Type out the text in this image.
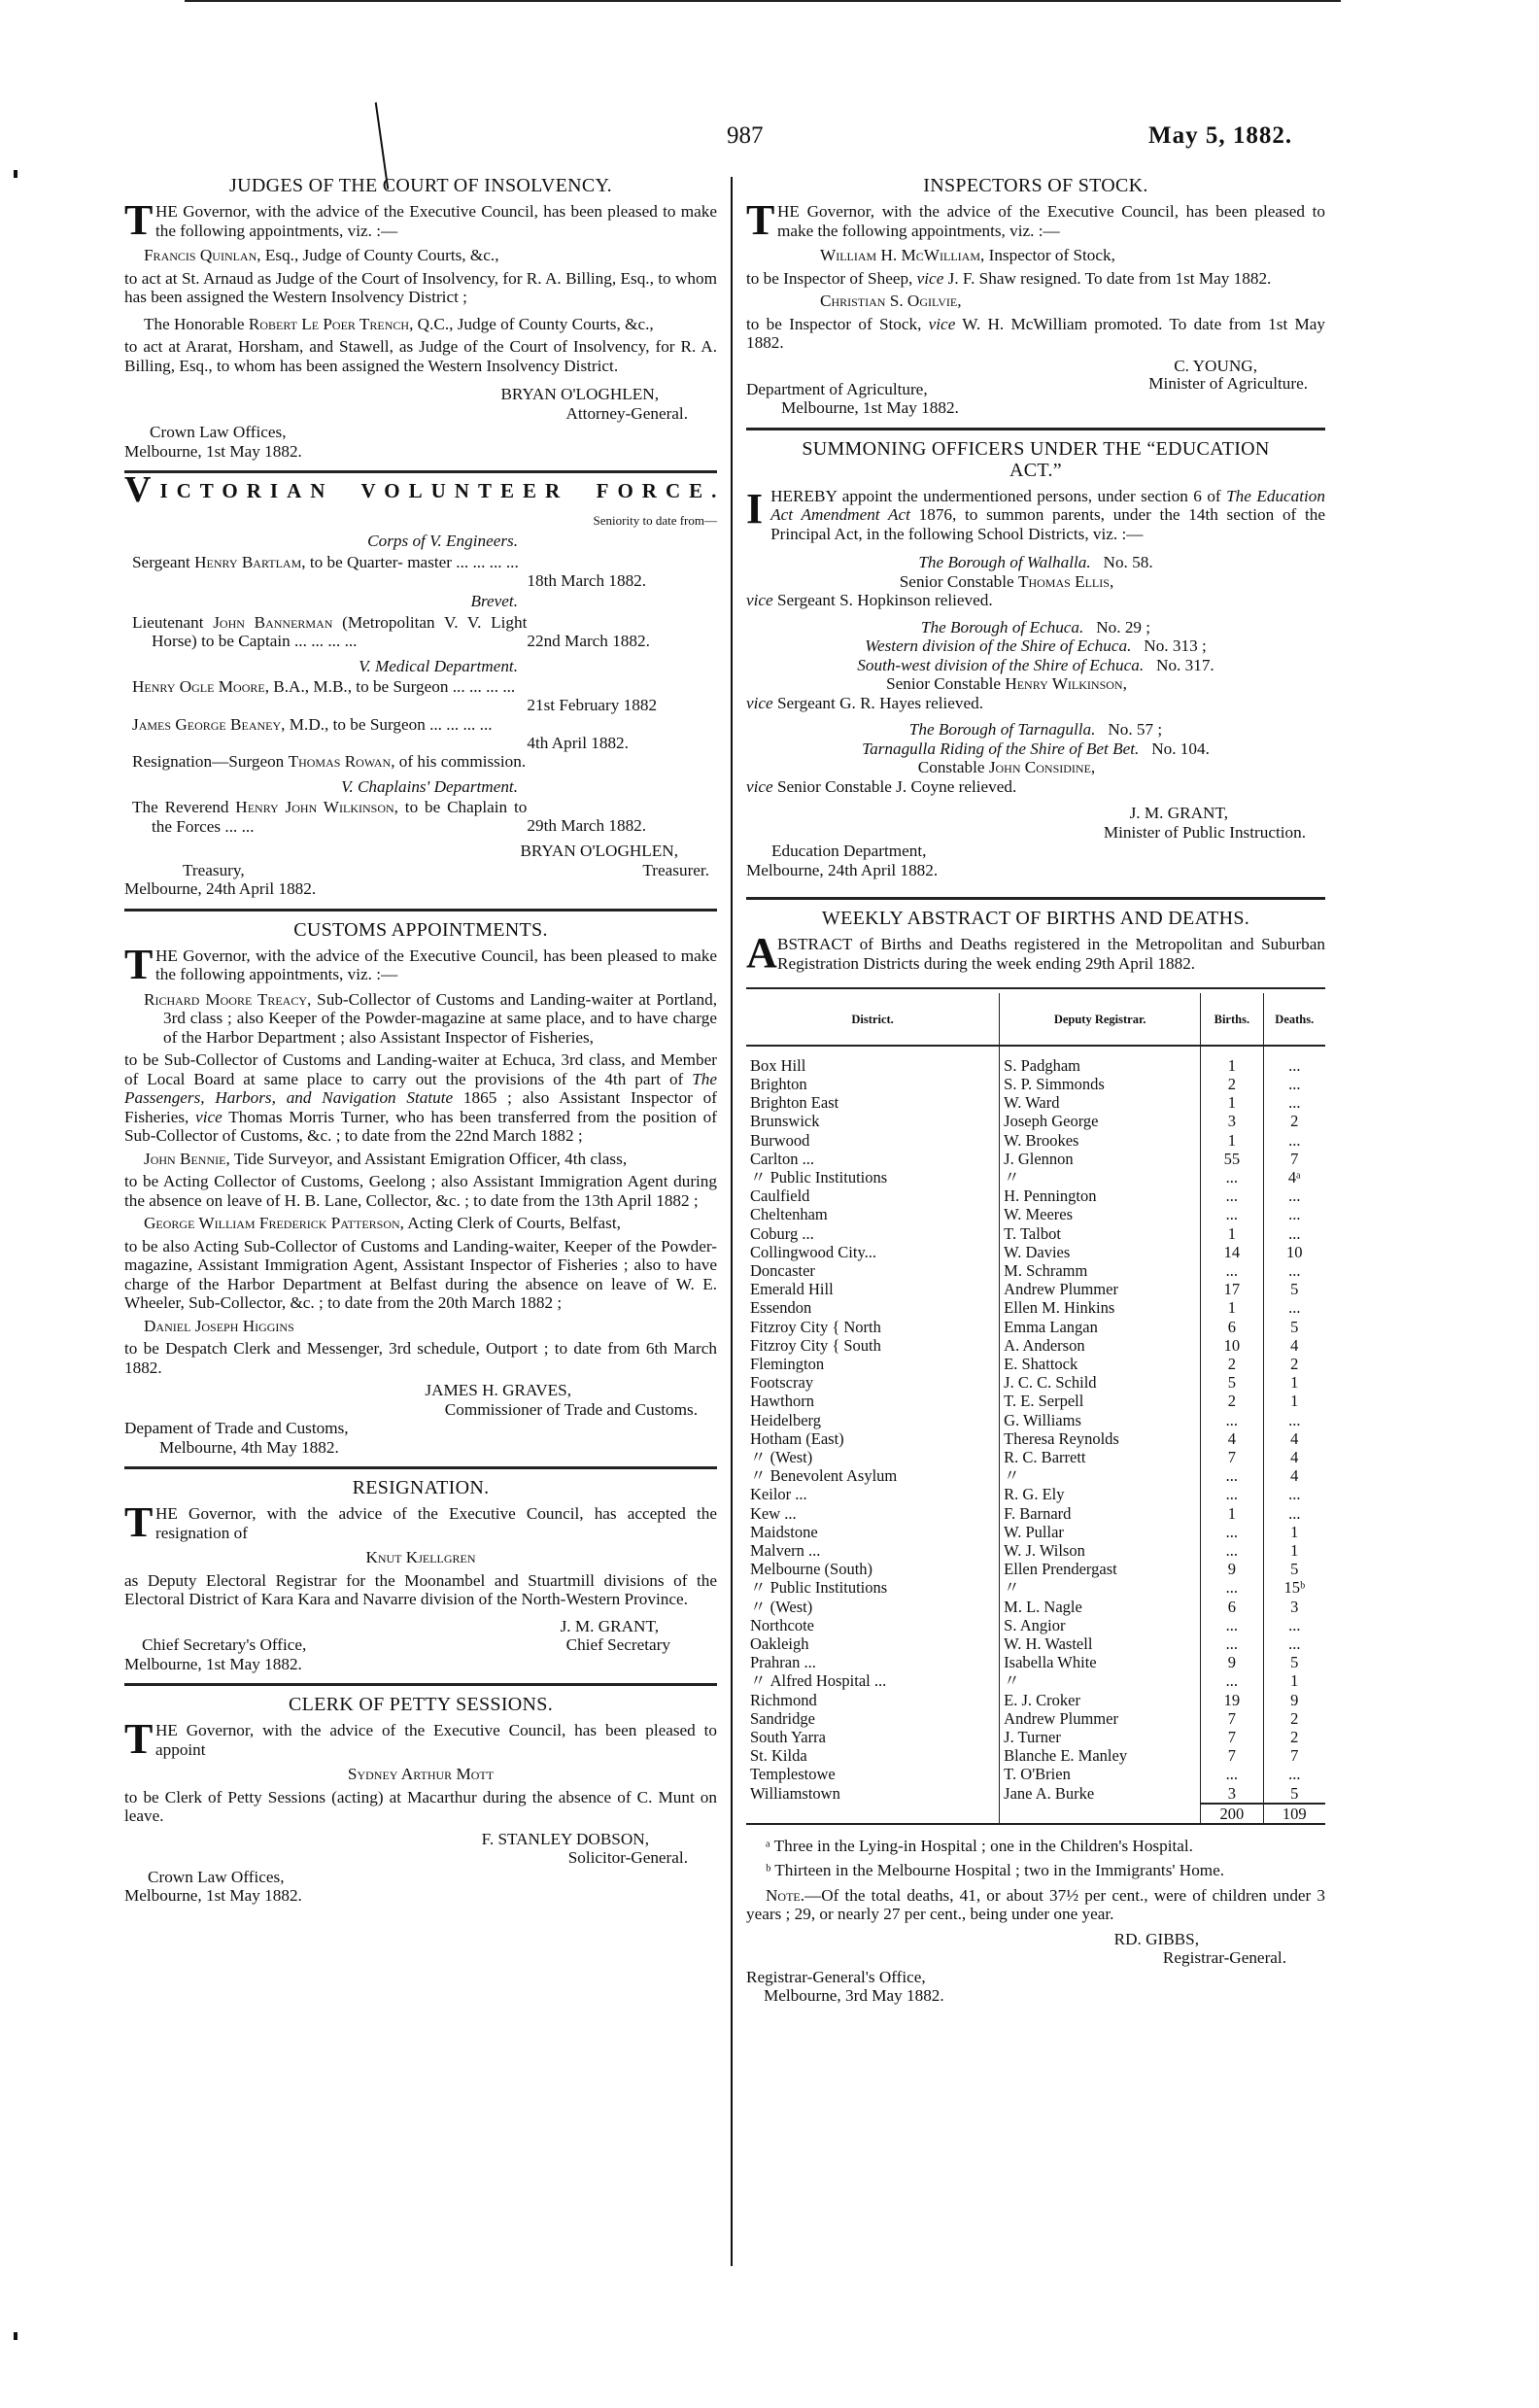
987	May 5, 1882.
JUDGES OF THE COURT OF INSOLVENCY.
T HE Governor, with the advice of the Executive Council, has been pleased to make the following appointments, viz. :—

Francis Quinlan, Esq., Judge of County Courts, &c.,

to act at St. Arnaud as Judge of the Court of Insolvency, for R. A. Billing, Esq., to whom has been assigned the Western Insolvency District ;

The Honorable Robert Le Poer Trench, Q.C., Judge of County Courts, &c.,

to act at Ararat, Horsham, and Stawell, as Judge of the Court of Insolvency, for R. A. Billing, Esq., to whom has been assigned the Western Insolvency District.

BRYAN O'LOGHLEN,
Attorney-General.
Crown Law Offices,
Melbourne, 1st May 1882.
VICTORIAN  VOLUNTEER  FORCE.
Seniority to date from—
Corps of V. Engineers.
Sergeant Henry Bartlam, to be Quarter- master ... ... ... ...
18th March 1882.
Brevet.
Lieutenant John Bannerman (Metropolitan V. V. Light Horse) to be Captain ... ... ... ...	22nd March 1882.
V. Medical Department.
Henry Ogle Moore, B.A., M.B., to be Surgeon ... ... ... ...
21st February 1882
James George Beaney, M.D., to be Surgeon ... ... ... ...
4th April 1882.
Resignation—Surgeon Thomas Rowan, of his commission.
V. Chaplains' Department.
The Reverend Henry John Wilkinson, to be Chaplain to the Forces ... ...	29th March 1882.
BRYAN O'LOGHLEN,
Treasury,	Treasurer.
Melbourne, 24th April 1882.
CUSTOMS APPOINTMENTS.
T HE Governor, with the advice of the Executive Council, has been pleased to make the following appointments, viz. :—

Richard Moore Treacy, Sub-Collector of Customs and Landing-waiter at Portland, 3rd class ; also Keeper of the Powder-magazine at same place, and to have charge of the Harbor Department ; also Assistant Inspector of Fisheries,

to be Sub-Collector of Customs and Landing-waiter at Echuca, 3rd class, and Member of Local Board at same place to carry out the provisions of the 4th part of The Passengers, Harbors, and Navigation Statute 1865 ; also Assistant Inspector of Fisheries, vice Thomas Morris Turner, who has been transferred from the position of Sub-Collector of Customs, &c. ; to date from the 22nd March 1882 ;

John Bennie, Tide Surveyor, and Assistant Emigration Officer, 4th class,

to be Acting Collector of Customs, Geelong ; also Assistant Immigration Agent during the absence on leave of H. B. Lane, Collector, &c. ; to date from the 13th April 1882 ;

George William Frederick Patterson, Acting Clerk of Courts, Belfast,

to be also Acting Sub-Collector of Customs and Landing-waiter, Keeper of the Powder-magazine, Assistant Immigration Agent, Assistant Inspector of Fisheries ; also to have charge of the Harbor Department at Belfast during the absence on leave of W. E. Wheeler, Sub-Collector, &c. ; to date from the 20th March 1882 ;

Daniel Joseph Higgins

to be Despatch Clerk and Messenger, 3rd schedule, Outport ; to date from 6th March 1882.

JAMES H. GRAVES,
Commissioner of Trade and Customs.
Depament of Trade and Customs,
Melbourne, 4th May 1882.
RESIGNATION.
T HE Governor, with the advice of the Executive Council, has accepted the resignation of
Knut Kjellgren

as Deputy Electoral Registrar for the Moonambel and Stuartmill divisions of the Electoral District of Kara Kara and Navarre division of the North-Western Province.

J. M. GRANT,
Chief Secretary's Office,	Chief Secretary
Melbourne, 1st May 1882.
CLERK OF PETTY SESSIONS.
T HE Governor, with the advice of the Executive Council, has been pleased to appoint
Sydney Arthur Mott

to be Clerk of Petty Sessions (acting) at Macarthur during the absence of C. Munt on leave.

F. STANLEY DOBSON,
Solicitor-General.
Crown Law Offices,
Melbourne, 1st May 1882.
INSPECTORS OF STOCK.
T HE Governor, with the advice of the Executive Council, has been pleased to make the following appointments, viz. :—

William H. McWilliam, Inspector of Stock,

to be Inspector of Sheep, vice J. F. Shaw resigned. To date from 1st May 1882.

Christian S. Ogilvie,

to be Inspector of Stock, vice W. H. McWilliam promoted. To date from 1st May 1882.

C. YOUNG,
Minister of Agriculture.
Department of Agriculture,
Melbourne, 1st May 1882.
SUMMONING OFFICERS UNDER THE “EDUCATION ACT.”
I HEREBY appoint the undermentioned persons, under section 6 of The Education Act Amendment Act 1876, to summon parents, under the 14th section of the Principal Act, in the following School Districts, viz. :—
The Borough of Walhalla. No. 58.
Senior Constable Thomas Ellis,
vice Sergeant S. Hopkinson relieved.
The Borough of Echuca. No. 29 ;
Western division of the Shire of Echuca. No. 313 ;
South-west division of the Shire of Echuca. No. 317.
Senior Constable Henry Wilkinson,
vice Sergeant G. R. Hayes relieved.
The Borough of Tarnagulla. No. 57 ;
Tarnagulla Riding of the Shire of Bet Bet. No. 104.
Constable John Considine,
vice Senior Constable J. Coyne relieved.
J. M. GRANT,
Minister of Public Instruction.
Education Department,
Melbourne, 24th April 1882.
WEEKLY ABSTRACT OF BIRTHS AND DEATHS.
A BSTRACT of Births and Deaths registered in the Metropolitan and Suburban Registration Districts during the week ending 29th April 1882.
District.	Deputy Registrar.	Births.	Deaths.

Box Hill	S. Padgham	1	...
Brighton	S. P. Simmonds	2	...
Brighton East	W. Ward	1	...
Brunswick	Joseph George	3	2
Burwood	W. Brookes	1	...
Carlton ...	J. Glennon	55	7
〃 Public Institutions	〃	...	4ᵃ
Caulfield	H. Pennington	...	...
Cheltenham	W. Meeres	...	...
Coburg ...	T. Talbot	1	...
Collingwood City...	W. Davies	14	10
Doncaster	M. Schramm	...	...
Emerald Hill	Andrew Plummer	17	5
Essendon	Ellen M. Hinkins	1	...
Fitzroy City { North	Emma Langan	6	5
Fitzroy City { South	A. Anderson	10	4
Flemington	E. Shattock	2	2
Footscray	J. C. C. Schild	5	1
Hawthorn	T. E. Serpell	2	1
Heidelberg	G. Williams	...	...
Hotham (East)	Theresa Reynolds	4	4
〃 (West)	R. C. Barrett	7	4
〃 Benevolent Asylum	〃	...	4
Keilor ...	R. G. Ely	...	...
Kew ...	F. Barnard	1	...
Maidstone	W. Pullar	...	1
Malvern ...	W. J. Wilson	...	1
Melbourne (South)	Ellen Prendergast	9	5
〃 Public Institutions	〃	...	15ᵇ
〃 (West)	M. L. Nagle	6	3
Northcote	S. Angior	...	...
Oakleigh	W. H. Wastell	...	...
Prahran ...	Isabella White	9	5
〃 Alfred Hospital ...	〃	...	1
Richmond	E. J. Croker	19	9
Sandridge	Andrew Plummer	7	2
South Yarra	J. Turner	7	2
St. Kilda	Blanche E. Manley	7	7
Templestowe	T. O'Brien	...	...
Williamstown	Jane A. Burke	3	5
		200	109

ᵃ Three in the Lying-in Hospital ; one in the Children's Hospital.

ᵇ Thirteen in the Melbourne Hospital ; two in the Immigrants' Home.

Note.—Of the total deaths, 41, or about 37½ per cent., were of children under 3 years ; 29, or nearly 27 per cent., being under one year.

RD. GIBBS,
Registrar-General.
Registrar-General's Office,
Melbourne, 3rd May 1882.
